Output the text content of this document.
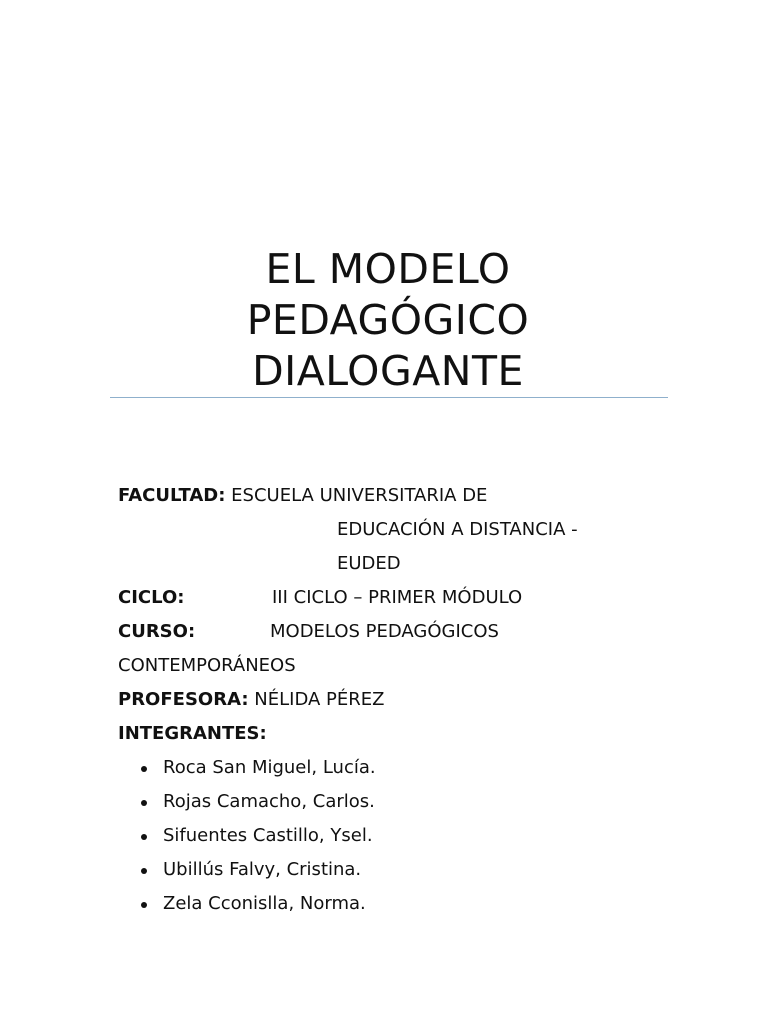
EL MODELO
PEDAGÓGICO
DIALOGANTE
FACULTAD: ESCUELA UNIVERSITARIA DE
EDUCACIÓN A DISTANCIA -
EUDED
CICLO:	III CICLO – PRIMER MÓDULO
CURSO:	MODELOS PEDAGÓGICOS
CONTEMPORÁNEOS
PROFESORA: NÉLIDA PÉREZ
INTEGRANTES:
Roca San Miguel, Lucía.
Rojas Camacho, Carlos.
Sifuentes Castillo, Ysel.
Ubillús Falvy, Cristina.
Zela Cconislla, Norma.
